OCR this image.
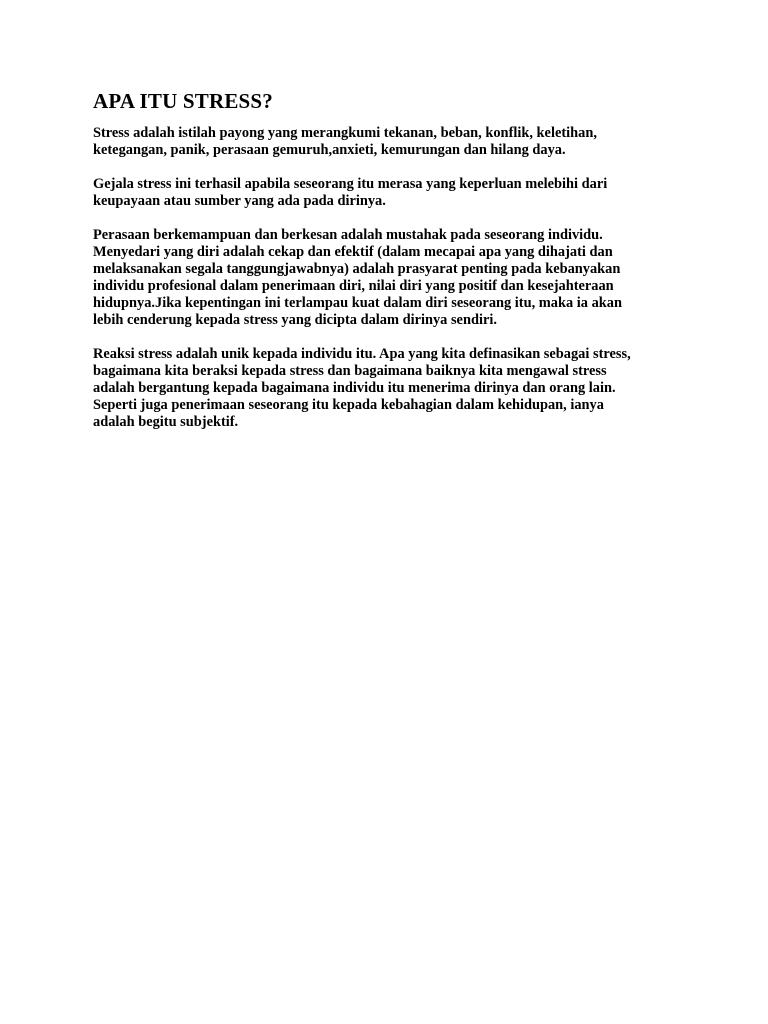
APA ITU STRESS?

Stress adalah istilah payong yang merangkumi tekanan, beban, konflik, keletihan,
ketegangan, panik, perasaan gemuruh,anxieti, kemurungan dan hilang daya.

Gejala stress ini terhasil apabila seseorang itu merasa yang keperluan melebihi dari
keupayaan atau sumber yang ada pada dirinya.

Perasaan berkemampuan dan berkesan adalah mustahak pada seseorang individu.
Menyedari yang diri adalah cekap dan efektif (dalam mecapai apa yang dihajati dan
melaksanakan segala tanggungjawabnya) adalah prasyarat penting pada kebanyakan
individu profesional dalam penerimaan diri, nilai diri yang positif dan kesejahteraan
hidupnya.Jika kepentingan ini terlampau kuat dalam diri seseorang itu, maka ia akan
lebih cenderung kepada stress yang dicipta dalam dirinya sendiri.

Reaksi stress adalah unik kepada individu itu. Apa yang kita definasikan sebagai stress,
bagaimana kita beraksi kepada stress dan bagaimana baiknya kita mengawal stress
adalah bergantung kepada bagaimana individu itu menerima dirinya dan orang lain.
Seperti juga penerimaan seseorang itu kepada kebahagian dalam kehidupan, ianya
adalah begitu subjektif.
